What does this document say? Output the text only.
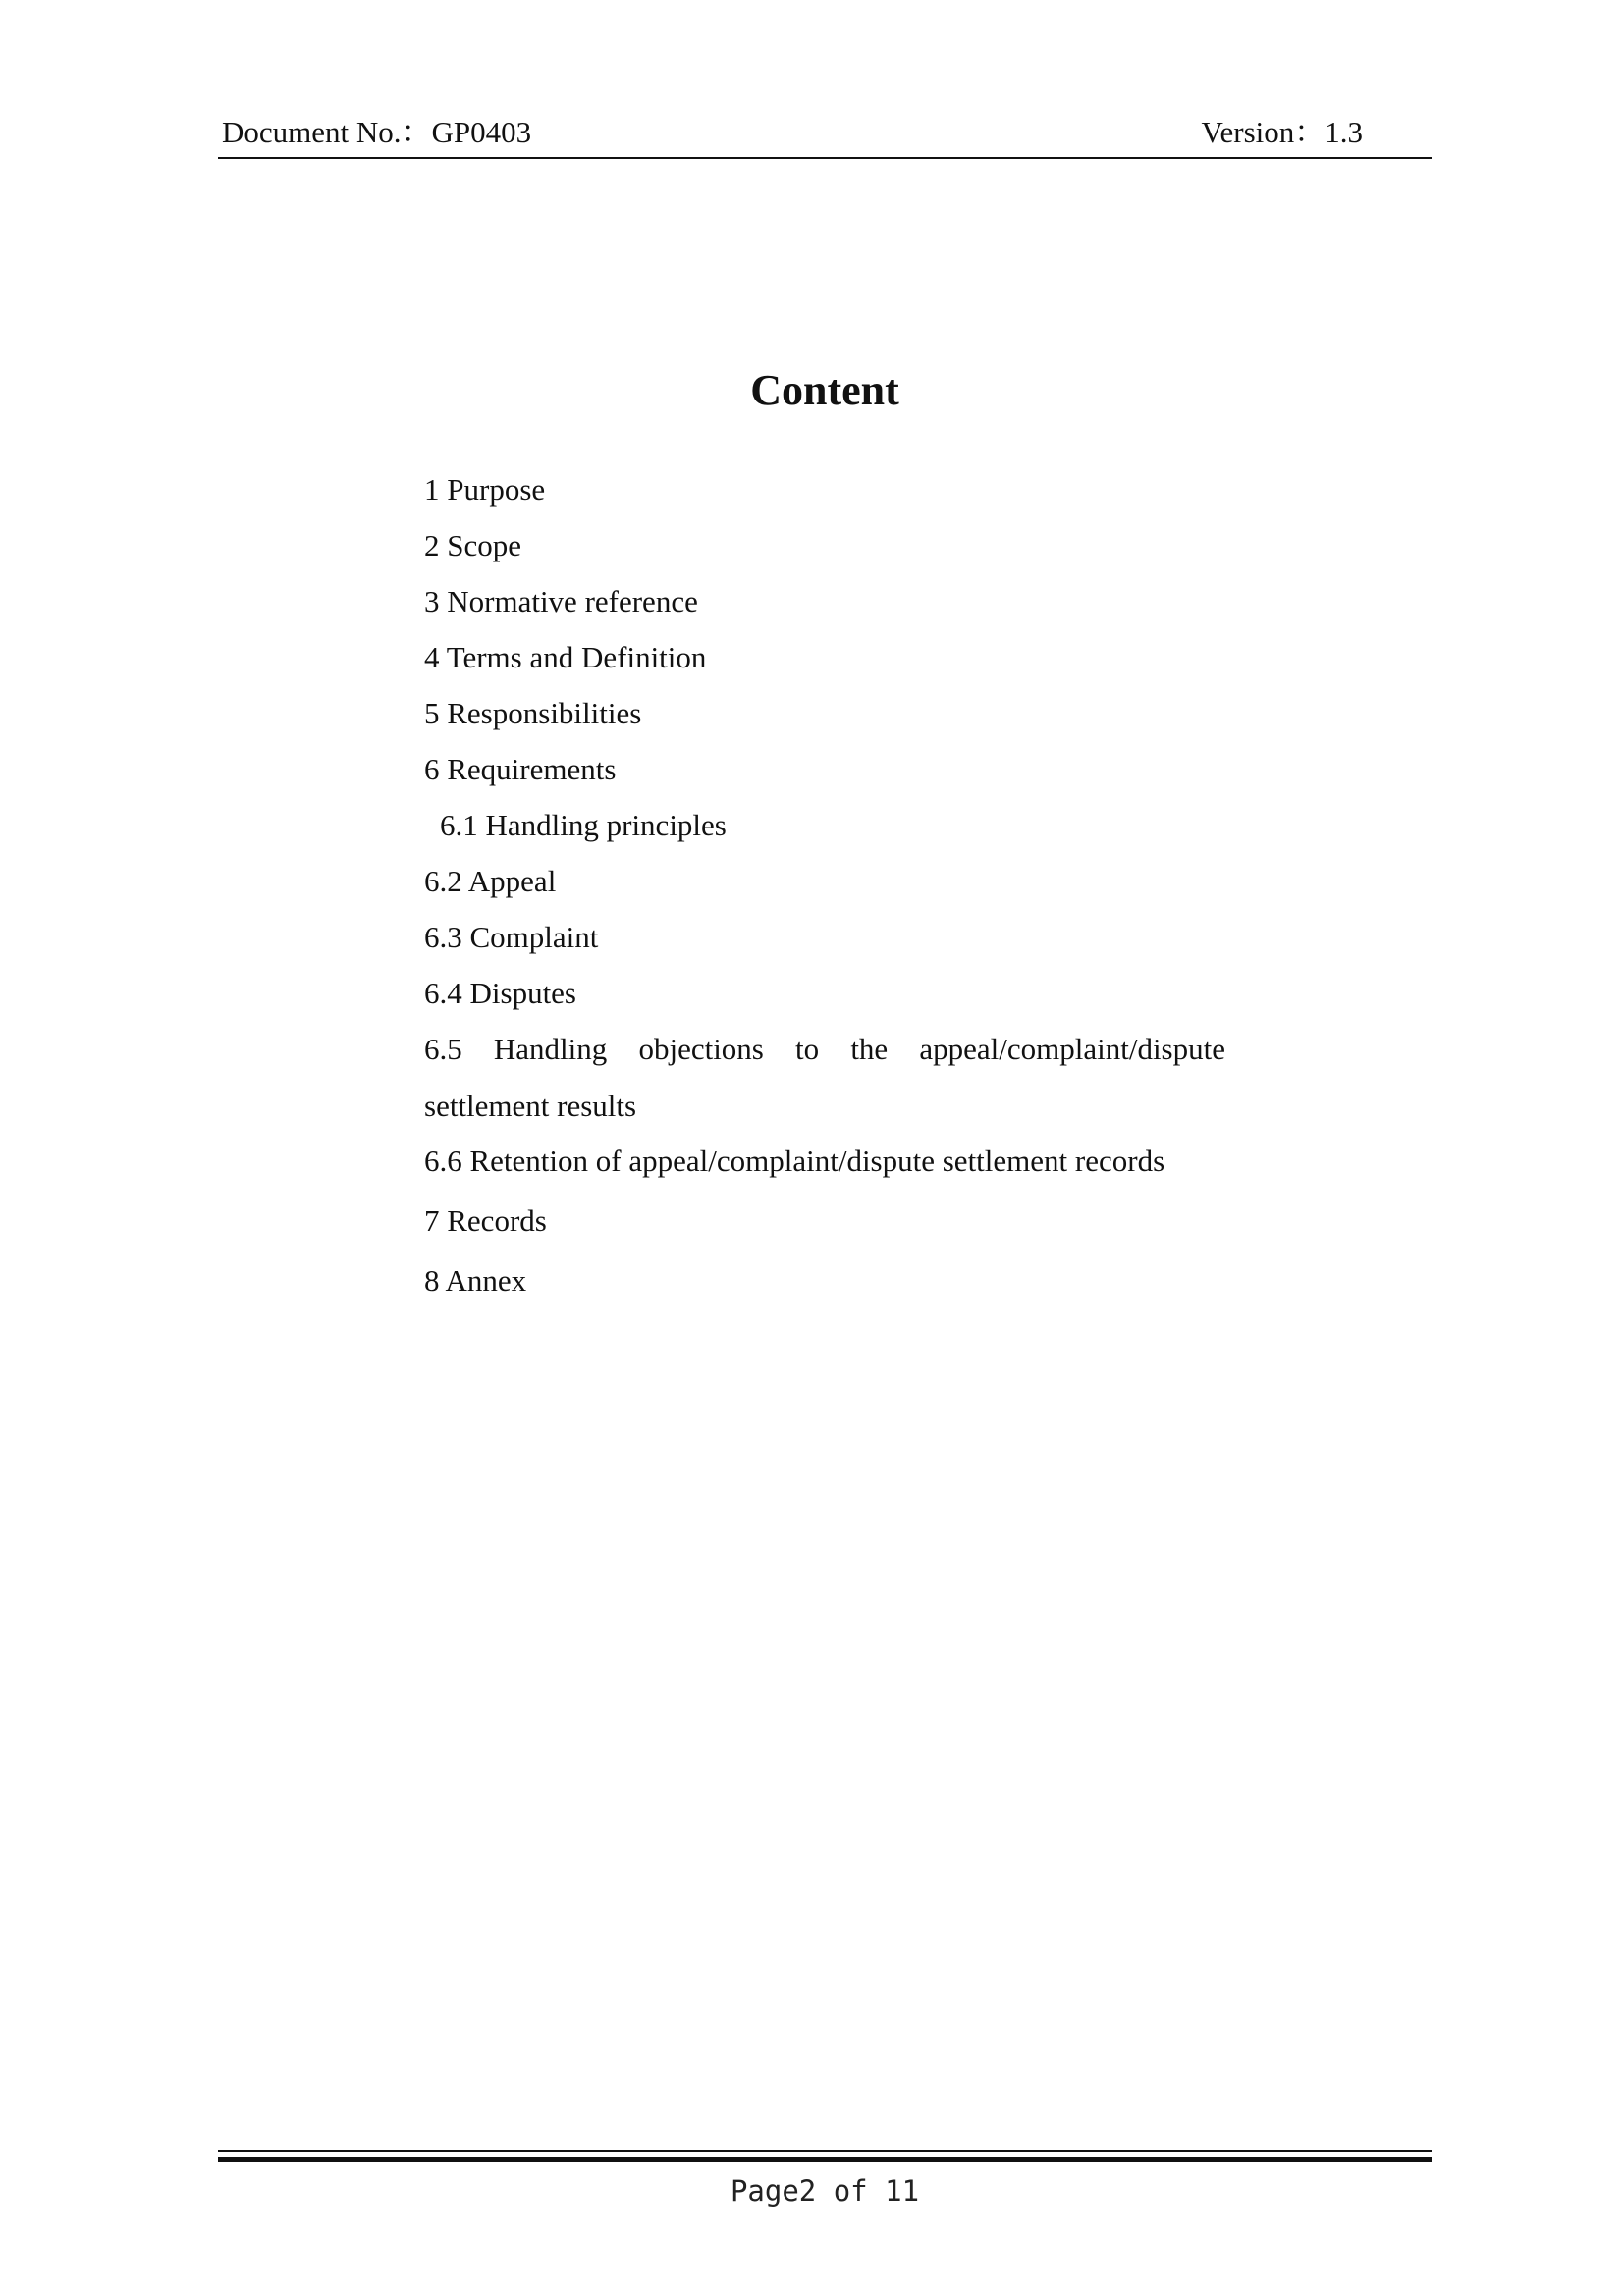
Document No.：GP0403	Version：1.3
Content
1 Purpose
2 Scope
3 Normative reference
4 Terms and Definition
5 Responsibilities
6 Requirements
6.1 Handling principles
6.2 Appeal
6.3 Complaint
6.4 Disputes
6.5 Handling objections to the appeal/complaint/dispute settlement results
6.6 Retention of appeal/complaint/dispute settlement records
7 Records
8 Annex
Page2 of 11
